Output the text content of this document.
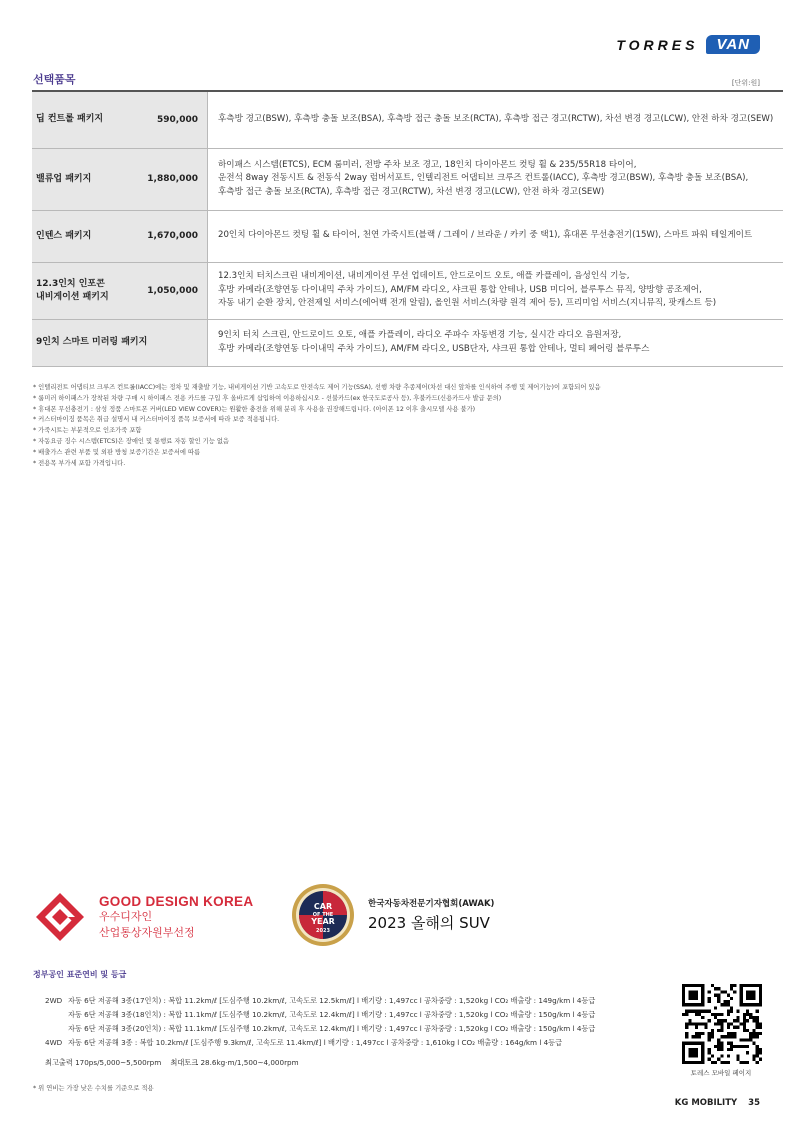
TORRES	VAN
선택품목	[단위:원]
딥 컨트롤 패키지	590,000	후측방 경고(BSW), 후측방 충돌 보조(BSA), 후측방 접근 충돌 보조(RCTA), 후측방 접근 경고(RCTW), 차선 변경 경고(LCW), 안전 하차 경고(SEW)

밸류업 패키지	1,880,000	하이패스 시스템(ETCS), ECM 룸미러, 전방 주차 보조 경고, 18인치 다이아몬드 컷팅 휠 & 235/55R18 타이어,
운전석 8way 전동시트 & 전동식 2way 럼버서포트, 인텔리전트 어댑티브 크루즈 컨트롤(IACC), 후측방 경고(BSW), 후측방 충돌 보조(BSA),
후측방 접근 충돌 보조(RCTA), 후측방 접근 경고(RCTW), 차선 변경 경고(LCW), 안전 하차 경고(SEW)

인텐스 패키지	1,670,000	20인치 다이아몬드 컷팅 휠 & 타이어, 천연 가죽시트(블랙 / 그레이 / 브라운 / 카키 중 택1), 휴대폰 무선충전기(15W), 스마트 파워 테일게이트

12.3인치 인포콘
내비게이션 패키지	1,050,000	12.3인치 터치스크린 내비게이션, 내비게이션 무선 업데이트, 안드로이드 오토, 애플 카플레이, 음성인식 기능,
후방 카메라(조향연동 다이내믹 주차 가이드), AM/FM 라디오, 샤크핀 통합 안테나, USB 미디어, 블루투스 뮤직, 양방향 공조제어,
자동 내기 순환 장치, 안전제일 서비스(에어백 전개 알림), 올인원 서비스(차량 원격 제어 등), 프리미엄 서비스(지니뮤직, 팟캐스트 등)

9인치 스마트 미러링 패키지		9인치 터치 스크린, 안드로이드 오토, 애플 카플레이, 라디오 주파수 자동변경 기능, 실시간 라디오 음원저장,
후방 카메라(조향연동 다이내믹 주차 가이드), AM/FM 라디오, USB단자, 샤크핀 통합 안테나, 멀티 페어링 블루투스
* 인텔리전트 어댑티브 크루즈 컨트롤(IACC)에는 정차 및 재출발 기능, 내비게이션 기반 고속도로 안전속도 제어 기능(SSA), 선행 차량 추종제어(차선 대신 앞차를 인식하여 주행 및 제어기능)이 포함되어 있음
* 룸미러 하이패스가 장착된 차량 구매 시 하이패스 전용 카드를 구입 후 올바르게 삽입하여 이용하십시오 - 선불카드(ex 한국도로공사 등), 후불카드(신용카드사 발급 문의)
* 휴대폰 무선충전기 : 삼성 정품 스마트폰 커버(LED VIEW COVER)는 원활한 충전을 위해 분리 후 사용을 권장해드립니다. (아이폰 12 이후 출시모델 사용 불가)
* 커스터마이징 품목은 취급 설명서 내 커스터마이징 품목 보증서에 따라 보증 적용됩니다.
* 가죽시트는 부분적으로 인조가죽 포함
* 자동요금 징수 시스템(ETCS)은 장애인 및 통행료 자동 할인 기능 없음
* 배출가스 관련 부품 및 외판 방청 보증기간은 보증서에 따름
* 전용목 부가세 포함 가격입니다.
GOOD DESIGN KOREA
우수디자인
산업통상자원부선정
CAR
OF THE
YEAR
2023
한국자동차전문기자협회(AWAK)
2023 올해의 SUV
정부공인 표준연비 및 등급
2WD 자동 6단 저공해 3종(17인치) : 복합 11.2km/ℓ [도심주행 10.2km/ℓ, 고속도로 12.5km/ℓ] l 배기량 : 1,497cc l 공차중량 : 1,520kg l CO₂ 배출량 : 149g/km l 4등급
자동 6단 저공해 3종(18인치) : 복합 11.1km/ℓ [도심주행 10.2km/ℓ, 고속도로 12.4km/ℓ] l 배기량 : 1,497cc l 공차중량 : 1,520kg l CO₂ 배출량 : 150g/km l 4등급
자동 6단 저공해 3종(20인치) : 복합 11.1km/ℓ [도심주행 10.2km/ℓ, 고속도로 12.4km/ℓ] l 배기량 : 1,497cc l 공차중량 : 1,520kg l CO₂ 배출량 : 150g/km l 4등급
4WD 자동 6단 저공해 3종 : 복합 10.2km/ℓ [도심주행 9.3km/ℓ, 고속도로 11.4km/ℓ] l 배기량 : 1,497cc l 공차중량 : 1,610kg l CO₂ 배출량 : 164g/km l 4등급
최고출력 170ps/5,000~5,500rpm 최대토크 28.6kg·m/1,500~4,000rpm
* 위 연비는 가장 낮은 수치를 기준으로 적용
토레스 모바일 페이지
KG MOBILITY 35
